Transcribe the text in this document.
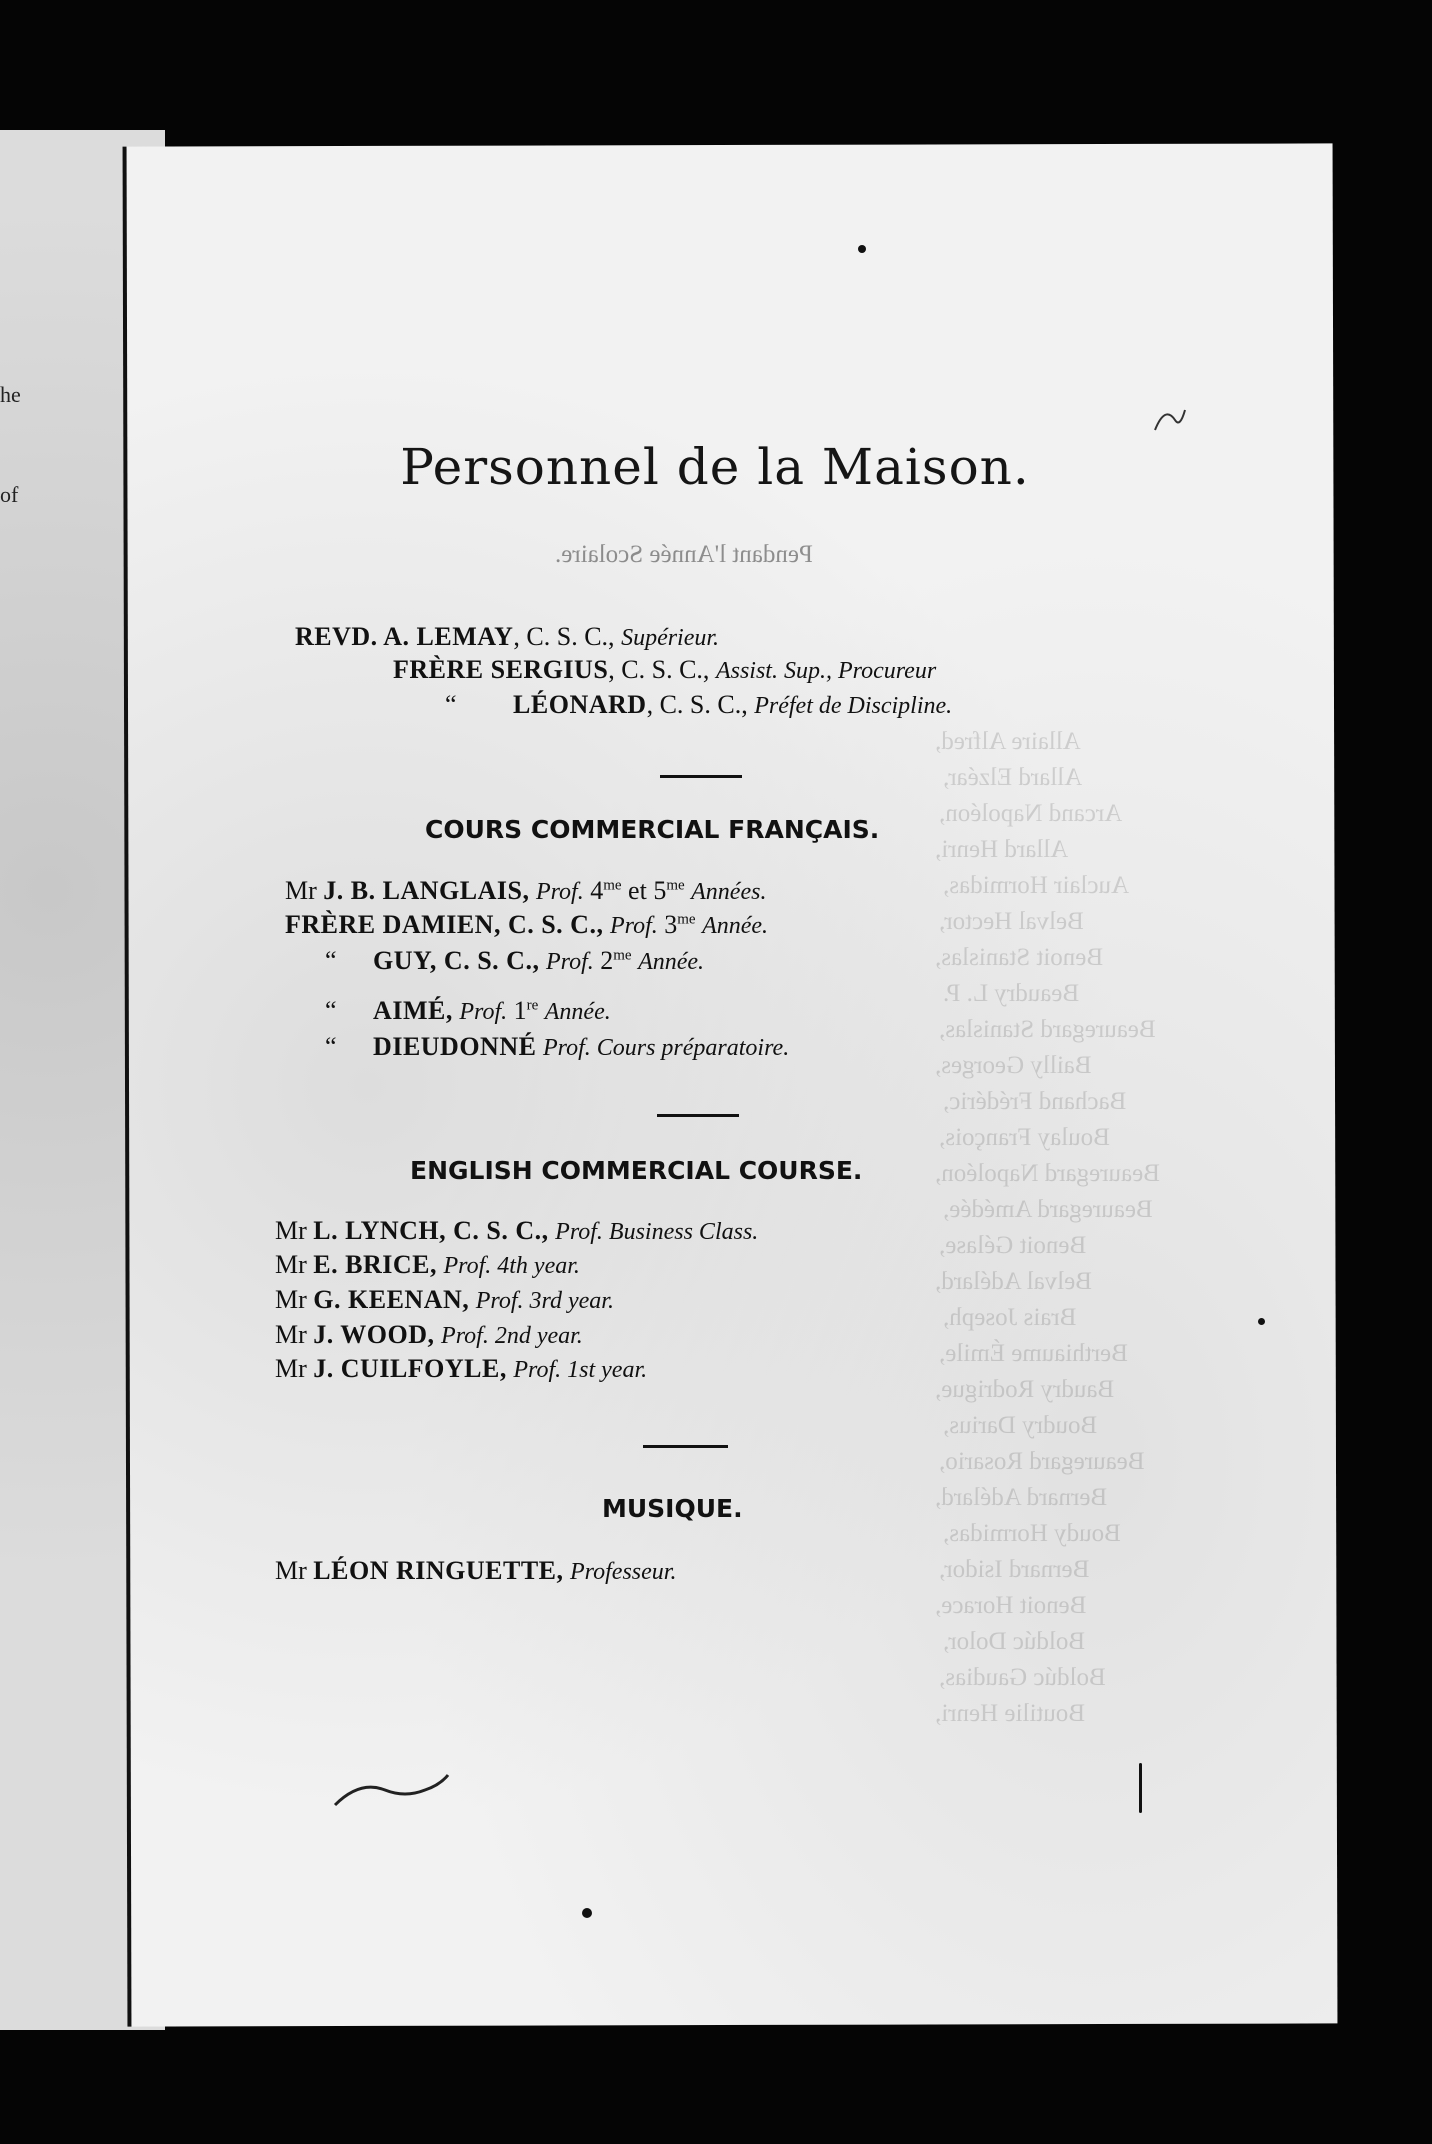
he
of
Boutilie Henri,
Boldúc Gaudias,
Boldúc Dolor,
Benoit Horace,
Bernard Isidor,
Boudy Hormidas,
Bernard Adélard,
Beauregard Rosario,
Boudry Darius,
Baudry Rodrigue,
Berthiaume Émile,
Brais Joseph,
Belval Adélard,
Benoit Gélase,
Beauregard Amédée,
Beauregard Napoléon,
Boulay François,
Bachand Frédéric,
Bailly Georges,
Beauregard Stanislas,
Beaudry L. P.
Benoit Stanislas,
Belval Hector,
Auclair Hormidas,
Allard Henri,
Arcand Napoléon,
Allard Elzéar,
Allaire Alfred,
Personnel de la Maison.
Pendant l'Année Scolaire.
REVD. A. LEMAY, C. S. C., Supérieur.
FRÈRE SERGIUS, C. S. C., Assist. Sup., Procureur
“ LÉONARD, C. S. C., Préfet de Discipline.
COURS COMMERCIAL FRANÇAIS.
Mr J. B. LANGLAIS, Prof. $4^{me}$ et $5^{me}$ Années.
FRÈRE DAMIEN, C. S. C., Prof. $3^{me}$ Année.
“ GUY, C. S. C., Prof. $2^{me}$ Année.
“ AIMÉ, Prof. 1re Année.
“ DIEUDONNÉ Prof. Cours préparatoire.
ENGLISH COMMERCIAL COURSE.
Mr L. LYNCH, C. S. C., Prof. Business Class.
Mr E. BRICE, Prof. 4th year.
Mr G. KEENAN, Prof. 3rd year.
Mr J. WOOD, Prof. 2nd year.
Mr J. CUILFOYLE, Prof. 1st year.
MUSIQUE.
Mr LÉON RINGUETTE, Professeur.
